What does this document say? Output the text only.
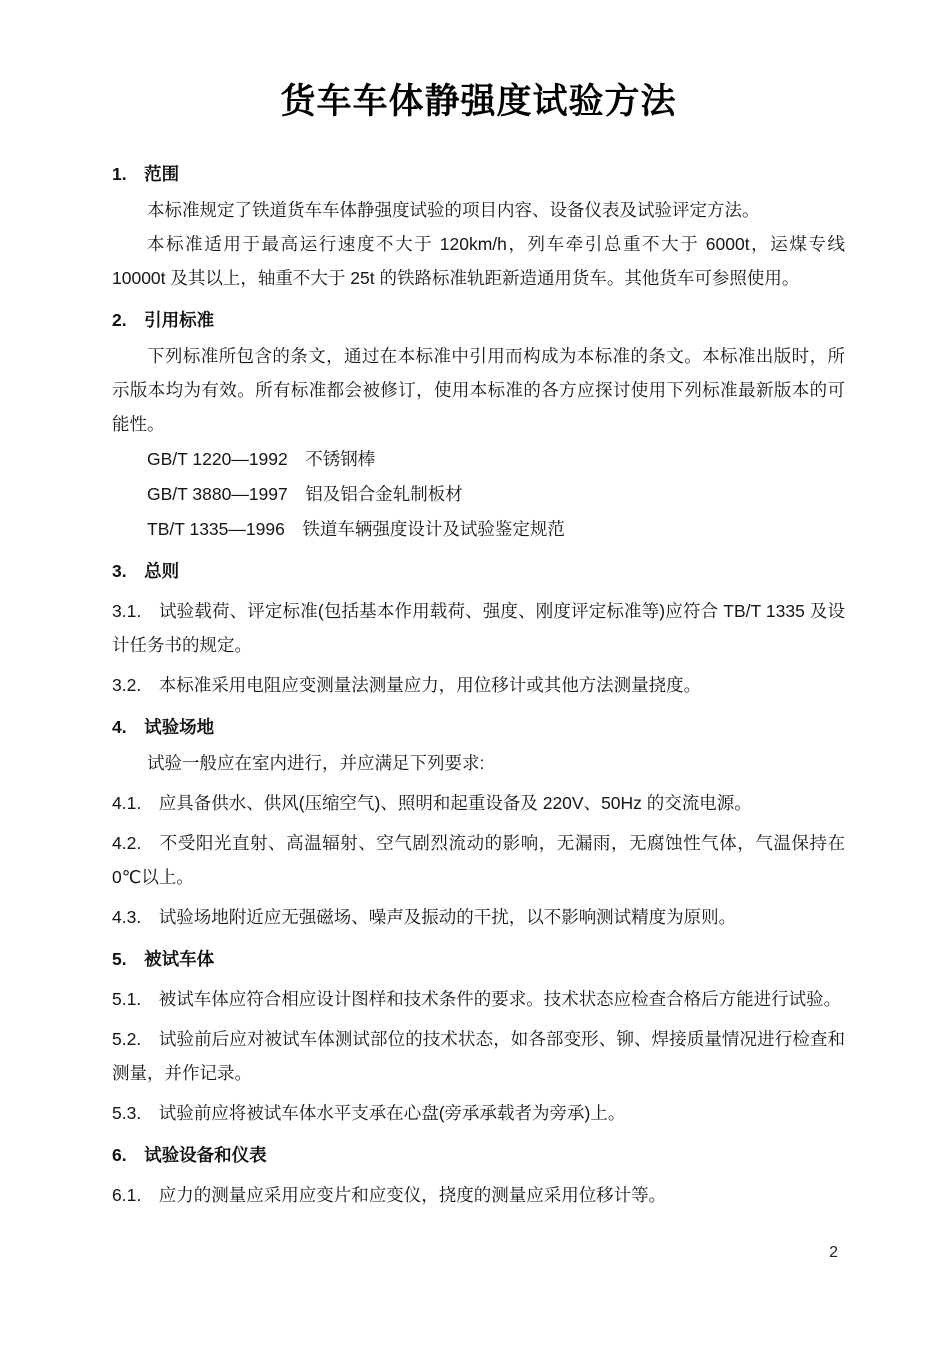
货车车体静强度试验方法
1.　范围

本标准规定了铁道货车车体静强度试验的项目内容、设备仪表及试验评定方法。

本标准适用于最高运行速度不大于 120km/h，列车牵引总重不大于 6000t，运煤专线 10000t 及其以上，轴重不大于 25t 的铁路标准轨距新造通用货车。其他货车可参照使用。

2.　引用标准

下列标准所包含的条文，通过在本标准中引用而构成为本标准的条文。本标准出版时，所示版本均为有效。所有标准都会被修订，使用本标准的各方应探讨使用下列标准最新版本的可能性。

GB/T 1220—1992　不锈钢棒

GB/T 3880—1997　铝及铝合金轧制板材

TB/T 1335—1996　铁道车辆强度设计及试验鉴定规范

3.　总则

3.1.　试验载荷、评定标准(包括基本作用载荷、强度、刚度评定标准等)应符合 TB/T 1335 及设计任务书的规定。

3.2.　本标准采用电阻应变测量法测量应力，用位移计或其他方法测量挠度。

4.　试验场地

试验一般应在室内进行，并应满足下列要求:

4.1.　应具备供水、供风(压缩空气)、照明和起重设备及 220V、50Hz 的交流电源。

4.2.　不受阳光直射、高温辐射、空气剧烈流动的影响，无漏雨，无腐蚀性气体，气温保持在 0℃以上。

4.3.　试验场地附近应无强磁场、噪声及振动的干扰，以不影响测试精度为原则。

5.　被试车体

5.1.　被试车体应符合相应设计图样和技术条件的要求。技术状态应检查合格后方能进行试验。

5.2.　试验前后应对被试车体测试部位的技术状态，如各部变形、铆、焊接质量情况进行检查和测量，并作记录。

5.3.　试验前应将被试车体水平支承在心盘(旁承承载者为旁承)上。

6.　试验设备和仪表

6.1.　应力的测量应采用应变片和应变仪，挠度的测量应采用位移计等。

2
